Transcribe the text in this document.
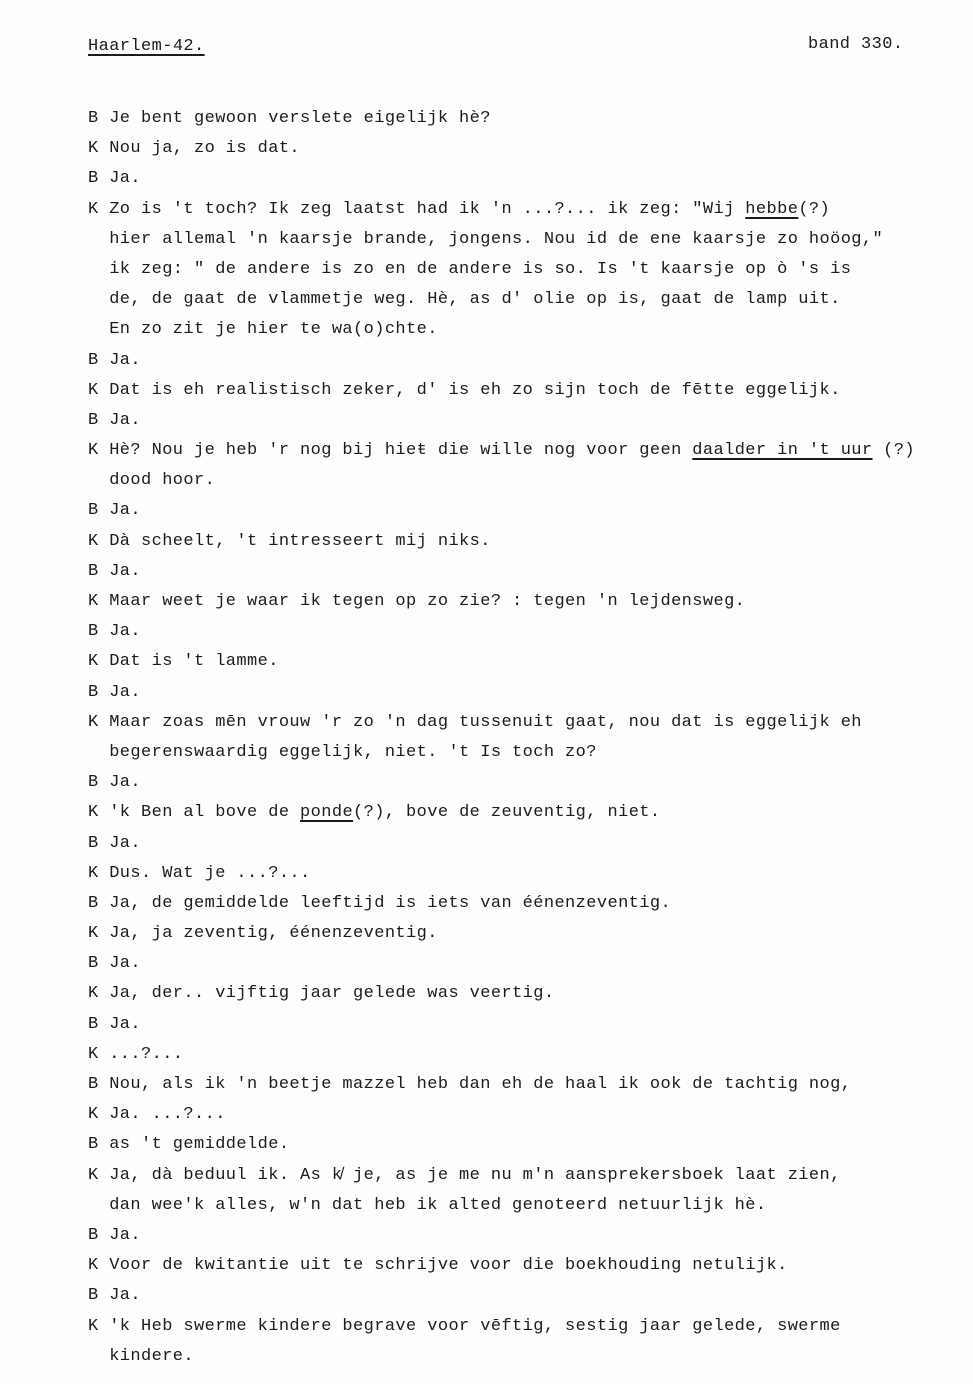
Haarlem-42.	band 330.
B Je bent gewoon verslete eigelijk hè?
K Nou ja, zo is dat.
B Ja.
K Zo is 't toch? Ik zeg laatst had ik 'n ...?... ik zeg: "Wij hebbe(?)
hier allemal 'n kaarsje brande, jongens. Nou id de ene kaarsje zo hoöog,"
ik zeg: " de andere is zo en de andere is so. Is 't kaarsje op ò 's is
de, de gaat de vlammetje weg. Hè, as d' olie op is, gaat de lamp uit.
En zo zit je hier te wa(o)chte.
B Ja.
K Dat is eh realistisch zeker, d' is eh zo sijn toch de fētte eggelijk.
B Ja.
K Hè? Nou je heb 'r nog bij hieŧ die wille nog voor geen daalder in 't uur (?)
dood hoor.
B Ja.
K Dà scheelt, 't intresseert mij niks.
B Ja.
K Maar weet je waar ik tegen op zo zie? : tegen 'n lejdensweg.
B Ja.
K Dat is 't lamme.
B Ja.
K Maar zoas mēn vrouw 'r zo 'n dag tussenuit gaat, nou dat is eggelijk eh
begerenswaardig eggelijk, niet. 't Is toch zo?
B Ja.
K 'k Ben al bove de ponde(?), bove de zeuventig, niet.
B Ja.
K Dus. Wat je ...?...
B Ja, de gemiddelde leeftijd is iets van éénenzeventig.
K Ja, ja zeventig, éénenzeventig.
B Ja.
K Ja, der.. vijftig jaar gelede was veertig.
B Ja.
K ...?...
B Nou, als ik 'n beetje mazzel heb dan eh de haal ik ook de tachtig nog,
K Ja. ...?...
B as 't gemiddelde.
K Ja, dà beduul ik. As k̸ je, as je me nu m'n aansprekersboek laat zien,
dan wee'k alles, w'n dat heb ik alted genoteerd netuurlijk hè.
B Ja.
K Voor de kwitantie uit te schrijve voor die boekhouding netulijk.
B Ja.
K 'k Heb swerme kindere begrave voor vēftig, sestig jaar gelede, swerme
kindere.
